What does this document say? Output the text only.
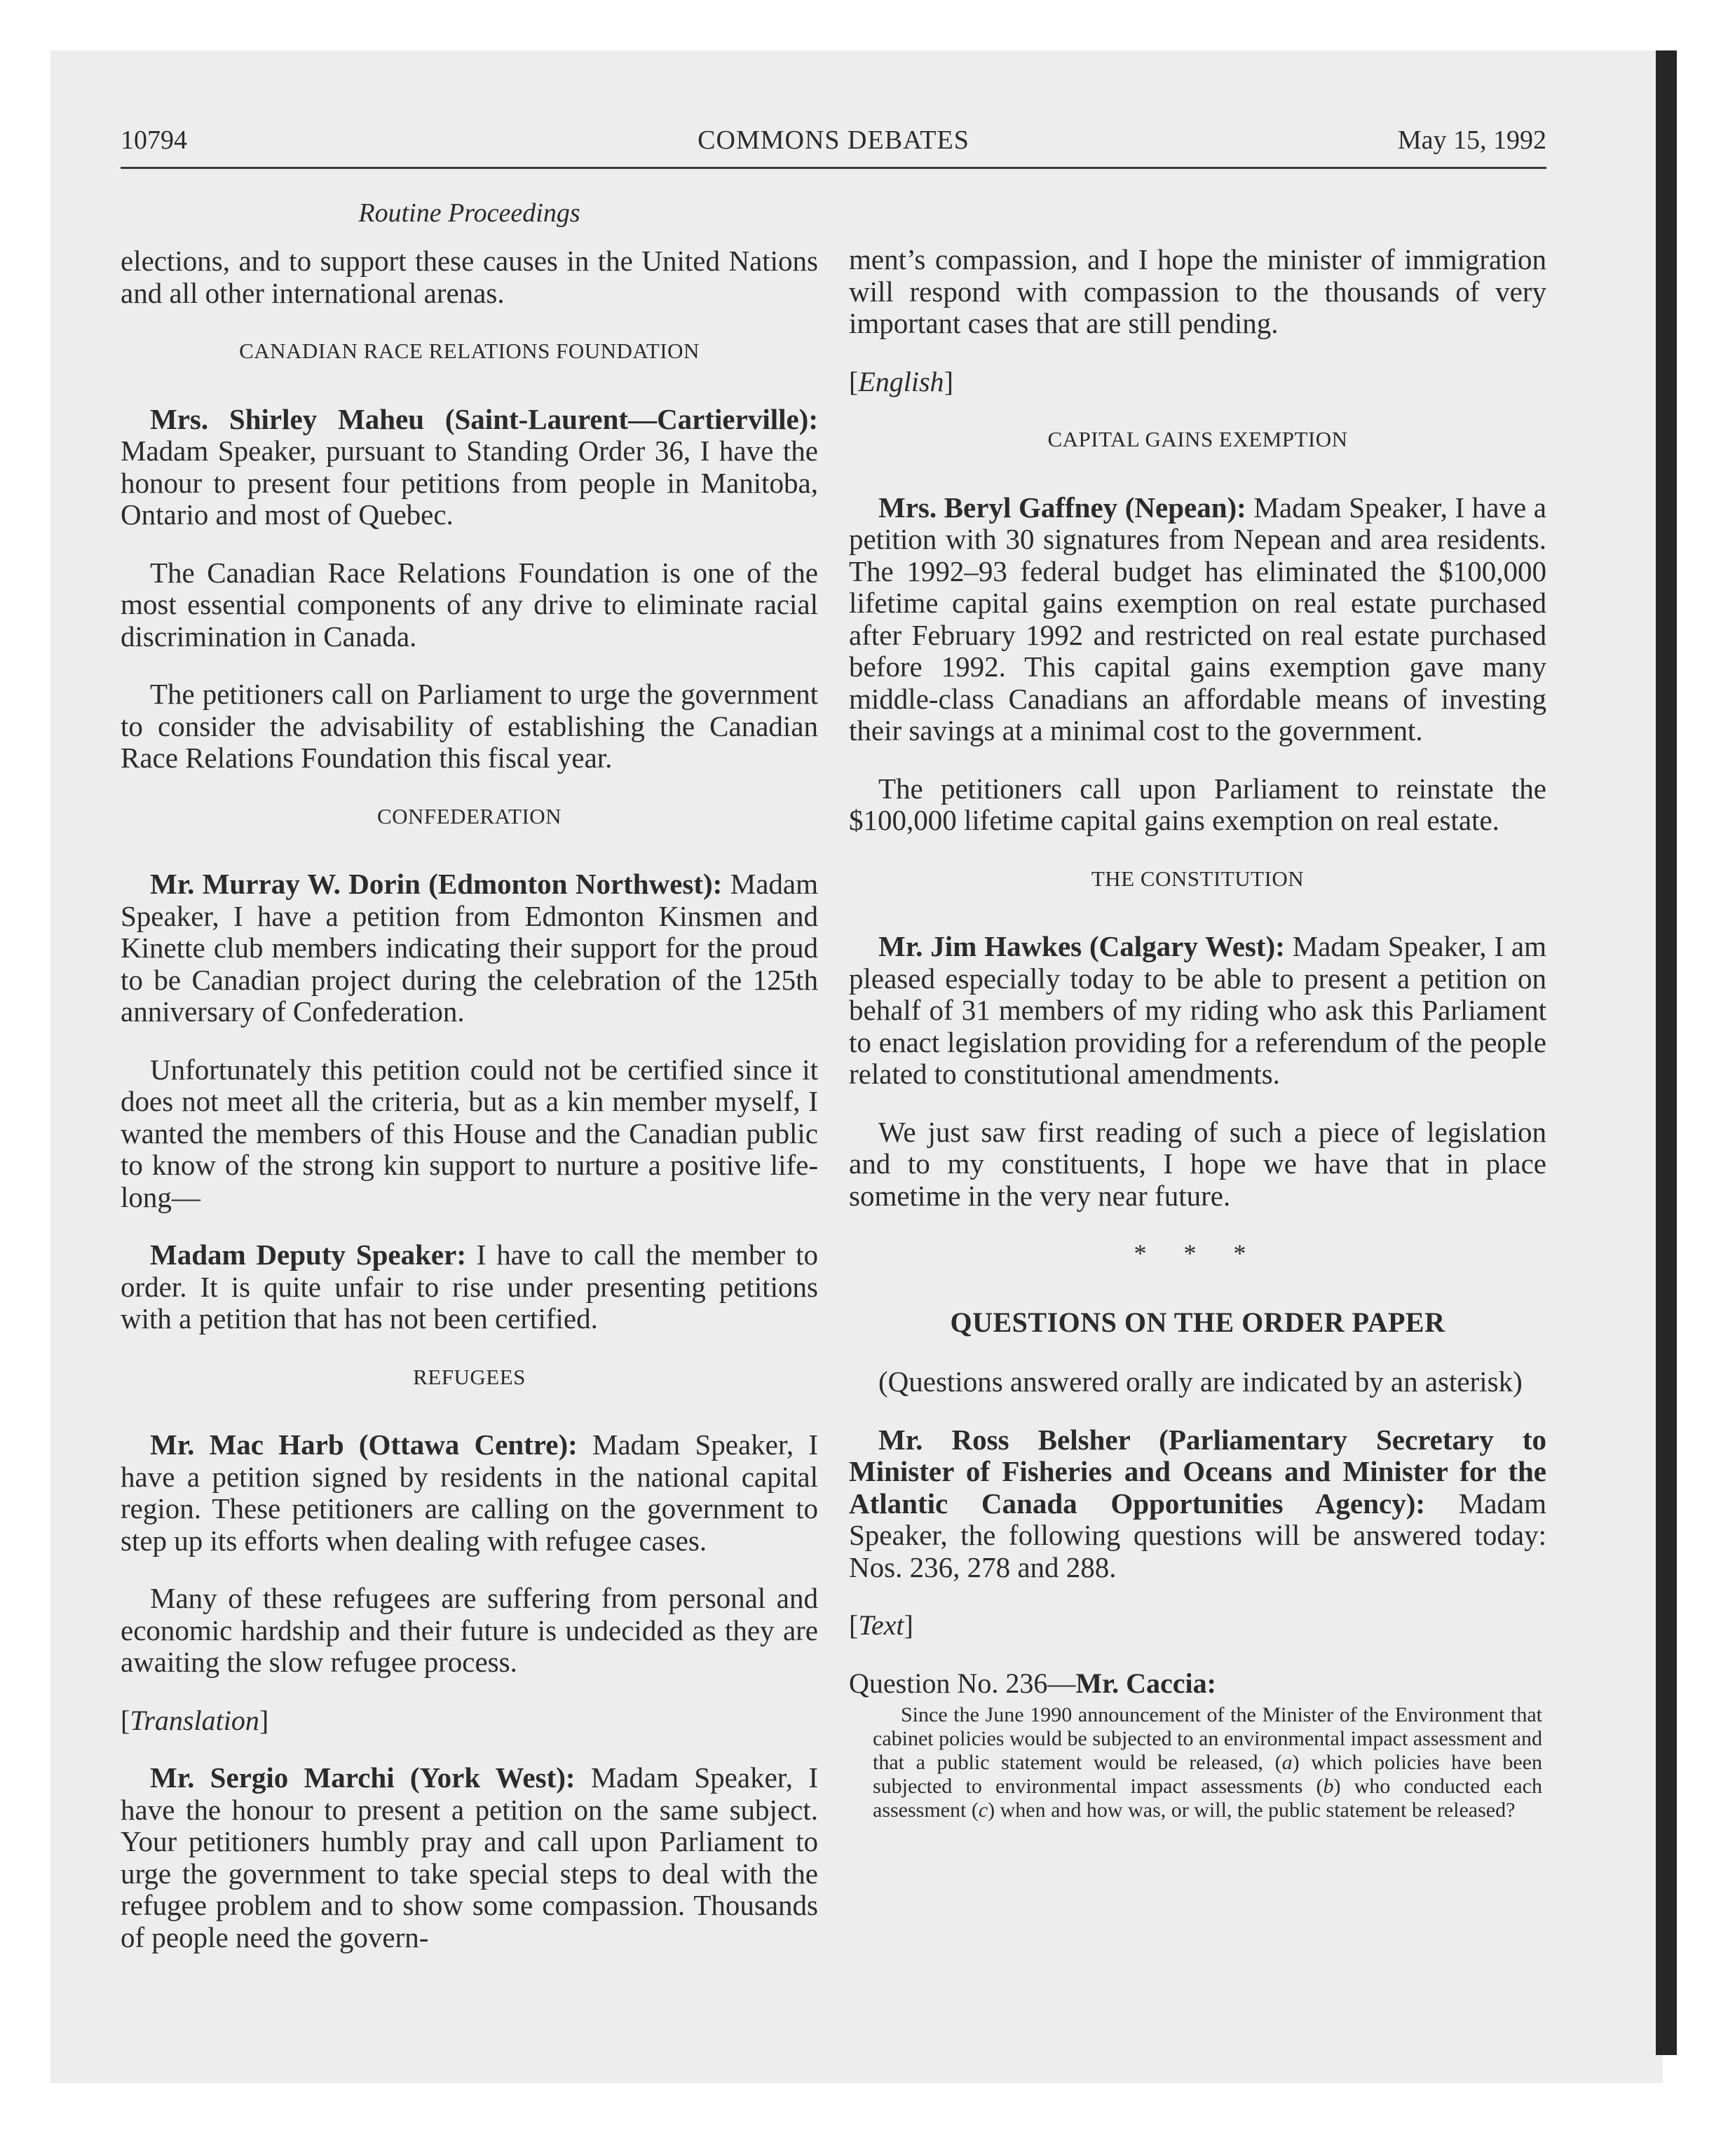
10794	COMMONS DEBATES	May 15, 1992
Routine Proceedings

elections, and to support these causes in the United Nations and all other international arenas.

CANADIAN RACE RELATIONS FOUNDATION

Mrs. Shirley Maheu (Saint-Laurent—Cartierville): Madam Speaker, pursuant to Standing Order 36, I have the honour to present four petitions from people in Manitoba, Ontario and most of Quebec.

The Canadian Race Relations Foundation is one of the most essential components of any drive to eliminate racial discrimination in Canada.

The petitioners call on Parliament to urge the government to consider the advisability of establishing the Canadian Race Relations Foundation this fiscal year.

CONFEDERATION

Mr. Murray W. Dorin (Edmonton Northwest): Madam Speaker, I have a petition from Edmonton Kinsmen and Kinette club members indicating their support for the proud to be Canadian project during the celebration of the 125th anniversary of Confederation.

Unfortunately this petition could not be certified since it does not meet all the criteria, but as a kin member myself, I wanted the members of this House and the Canadian public to know of the strong kin support to nurture a positive life-long—

Madam Deputy Speaker: I have to call the member to order. It is quite unfair to rise under presenting petitions with a petition that has not been certified.

REFUGEES

Mr. Mac Harb (Ottawa Centre): Madam Speaker, I have a petition signed by residents in the national capital region. These petitioners are calling on the government to step up its efforts when dealing with refugee cases.

Many of these refugees are suffering from personal and economic hardship and their future is undecided as they are awaiting the slow refugee process.

[Translation]

Mr. Sergio Marchi (York West): Madam Speaker, I have the honour to present a petition on the same subject. Your petitioners humbly pray and call upon Parliament to urge the government to take special steps to deal with the refugee problem and to show some compassion. Thousands of people need the govern-

ment’s compassion, and I hope the minister of immigration will respond with compassion to the thousands of very important cases that are still pending.

[English]
CAPITAL GAINS EXEMPTION

Mrs. Beryl Gaffney (Nepean): Madam Speaker, I have a petition with 30 signatures from Nepean and area residents. The 1992–93 federal budget has eliminated the $100,000 lifetime capital gains exemption on real estate purchased after February 1992 and restricted on real estate purchased before 1992. This capital gains exemption gave many middle-class Canadians an affordable means of investing their savings at a minimal cost to the government.

The petitioners call upon Parliament to reinstate the $100,000 lifetime capital gains exemption on real estate.

THE CONSTITUTION

Mr. Jim Hawkes (Calgary West): Madam Speaker, I am pleased especially today to be able to present a petition on behalf of 31 members of my riding who ask this Parliament to enact legislation providing for a referendum of the people related to constitutional amendments.

We just saw first reading of such a piece of legislation and to my constituents, I hope we have that in place sometime in the very near future.

* * *
QUESTIONS ON THE ORDER PAPER

(Questions answered orally are indicated by an asterisk)

Mr. Ross Belsher (Parliamentary Secretary to Minister of Fisheries and Oceans and Minister for the Atlantic Canada Opportunities Agency): Madam Speaker, the following questions will be answered today: Nos. 236, 278 and 288.

[Text]
Question No. 236—Mr. Caccia:

Since the June 1990 announcement of the Minister of the Environment that cabinet policies would be subjected to an environmental impact assessment and that a public statement would be released, (a) which policies have been subjected to environmental impact assessments (b) who conducted each assessment (c) when and how was, or will, the public statement be released?
